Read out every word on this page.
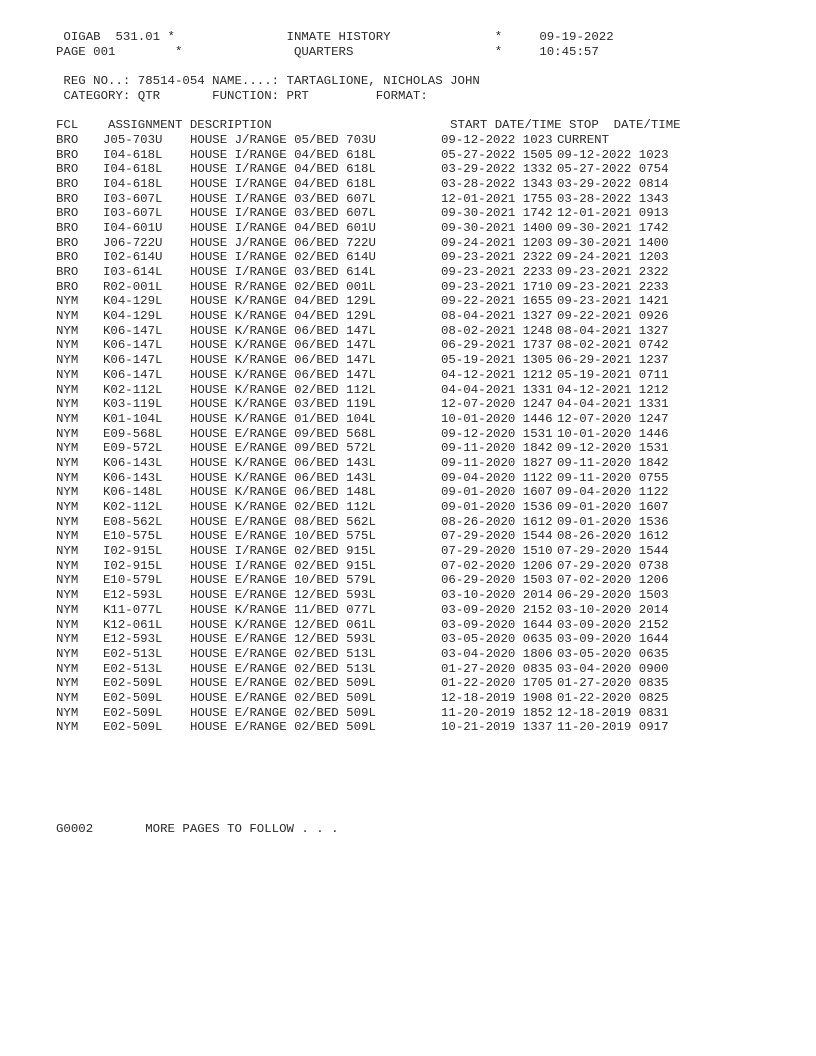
OIGAB  531.01 *               INMATE HISTORY              *     09-19-2022
PAGE 001        *               QUARTERS                   *     10:45:57
REG NO..: 78514-054 NAME....: TARTAGLIONE, NICHOLAS JOHN
CATEGORY: QTR       FUNCTION: PRT         FORMAT:
FCL    ASSIGNMENT DESCRIPTION                        START DATE/TIME STOP  DATE/TIME
BRO J05-703U HOUSE J/RANGE 05/BED 703U	09-12-2022 1023 CURRENT
BRO I04-618L HOUSE I/RANGE 04/BED 618L	05-27-2022 1505 09-12-2022 1023
BRO I04-618L HOUSE I/RANGE 04/BED 618L	03-29-2022 1332 05-27-2022 0754
BRO I04-618L HOUSE I/RANGE 04/BED 618L	03-28-2022 1343 03-29-2022 0814
BRO I03-607L HOUSE I/RANGE 03/BED 607L	12-01-2021 1755 03-28-2022 1343
BRO I03-607L HOUSE I/RANGE 03/BED 607L	09-30-2021 1742 12-01-2021 0913
BRO I04-601U HOUSE I/RANGE 04/BED 601U	09-30-2021 1400 09-30-2021 1742
BRO J06-722U HOUSE J/RANGE 06/BED 722U	09-24-2021 1203 09-30-2021 1400
BRO I02-614U HOUSE I/RANGE 02/BED 614U	09-23-2021 2322 09-24-2021 1203
BRO I03-614L HOUSE I/RANGE 03/BED 614L	09-23-2021 2233 09-23-2021 2322
BRO R02-001L HOUSE R/RANGE 02/BED 001L	09-23-2021 1710 09-23-2021 2233
NYM K04-129L HOUSE K/RANGE 04/BED 129L	09-22-2021 1655 09-23-2021 1421
NYM K04-129L HOUSE K/RANGE 04/BED 129L	08-04-2021 1327 09-22-2021 0926
NYM K06-147L HOUSE K/RANGE 06/BED 147L	08-02-2021 1248 08-04-2021 1327
NYM K06-147L HOUSE K/RANGE 06/BED 147L	06-29-2021 1737 08-02-2021 0742
NYM K06-147L HOUSE K/RANGE 06/BED 147L	05-19-2021 1305 06-29-2021 1237
NYM K06-147L HOUSE K/RANGE 06/BED 147L	04-12-2021 1212 05-19-2021 0711
NYM K02-112L HOUSE K/RANGE 02/BED 112L	04-04-2021 1331 04-12-2021 1212
NYM K03-119L HOUSE K/RANGE 03/BED 119L	12-07-2020 1247 04-04-2021 1331
NYM K01-104L HOUSE K/RANGE 01/BED 104L	10-01-2020 1446 12-07-2020 1247
NYM E09-568L HOUSE E/RANGE 09/BED 568L	09-12-2020 1531 10-01-2020 1446
NYM E09-572L HOUSE E/RANGE 09/BED 572L	09-11-2020 1842 09-12-2020 1531
NYM K06-143L HOUSE K/RANGE 06/BED 143L	09-11-2020 1827 09-11-2020 1842
NYM K06-143L HOUSE K/RANGE 06/BED 143L	09-04-2020 1122 09-11-2020 0755
NYM K06-148L HOUSE K/RANGE 06/BED 148L	09-01-2020 1607 09-04-2020 1122
NYM K02-112L HOUSE K/RANGE 02/BED 112L	09-01-2020 1536 09-01-2020 1607
NYM E08-562L HOUSE E/RANGE 08/BED 562L	08-26-2020 1612 09-01-2020 1536
NYM E10-575L HOUSE E/RANGE 10/BED 575L	07-29-2020 1544 08-26-2020 1612
NYM I02-915L HOUSE I/RANGE 02/BED 915L	07-29-2020 1510 07-29-2020 1544
NYM I02-915L HOUSE I/RANGE 02/BED 915L	07-02-2020 1206 07-29-2020 0738
NYM E10-579L HOUSE E/RANGE 10/BED 579L	06-29-2020 1503 07-02-2020 1206
NYM E12-593L HOUSE E/RANGE 12/BED 593L	03-10-2020 2014 06-29-2020 1503
NYM K11-077L HOUSE K/RANGE 11/BED 077L	03-09-2020 2152 03-10-2020 2014
NYM K12-061L HOUSE K/RANGE 12/BED 061L	03-09-2020 1644 03-09-2020 2152
NYM E12-593L HOUSE E/RANGE 12/BED 593L	03-05-2020 0635 03-09-2020 1644
NYM E02-513L HOUSE E/RANGE 02/BED 513L	03-04-2020 1806 03-05-2020 0635
NYM E02-513L HOUSE E/RANGE 02/BED 513L	01-27-2020 0835 03-04-2020 0900
NYM E02-509L HOUSE E/RANGE 02/BED 509L	01-22-2020 1705 01-27-2020 0835
NYM E02-509L HOUSE E/RANGE 02/BED 509L	12-18-2019 1908 01-22-2020 0825
NYM E02-509L HOUSE E/RANGE 02/BED 509L	11-20-2019 1852 12-18-2019 0831
NYM E02-509L HOUSE E/RANGE 02/BED 509L	10-21-2019 1337 11-20-2019 0917
G0002       MORE PAGES TO FOLLOW . . .
